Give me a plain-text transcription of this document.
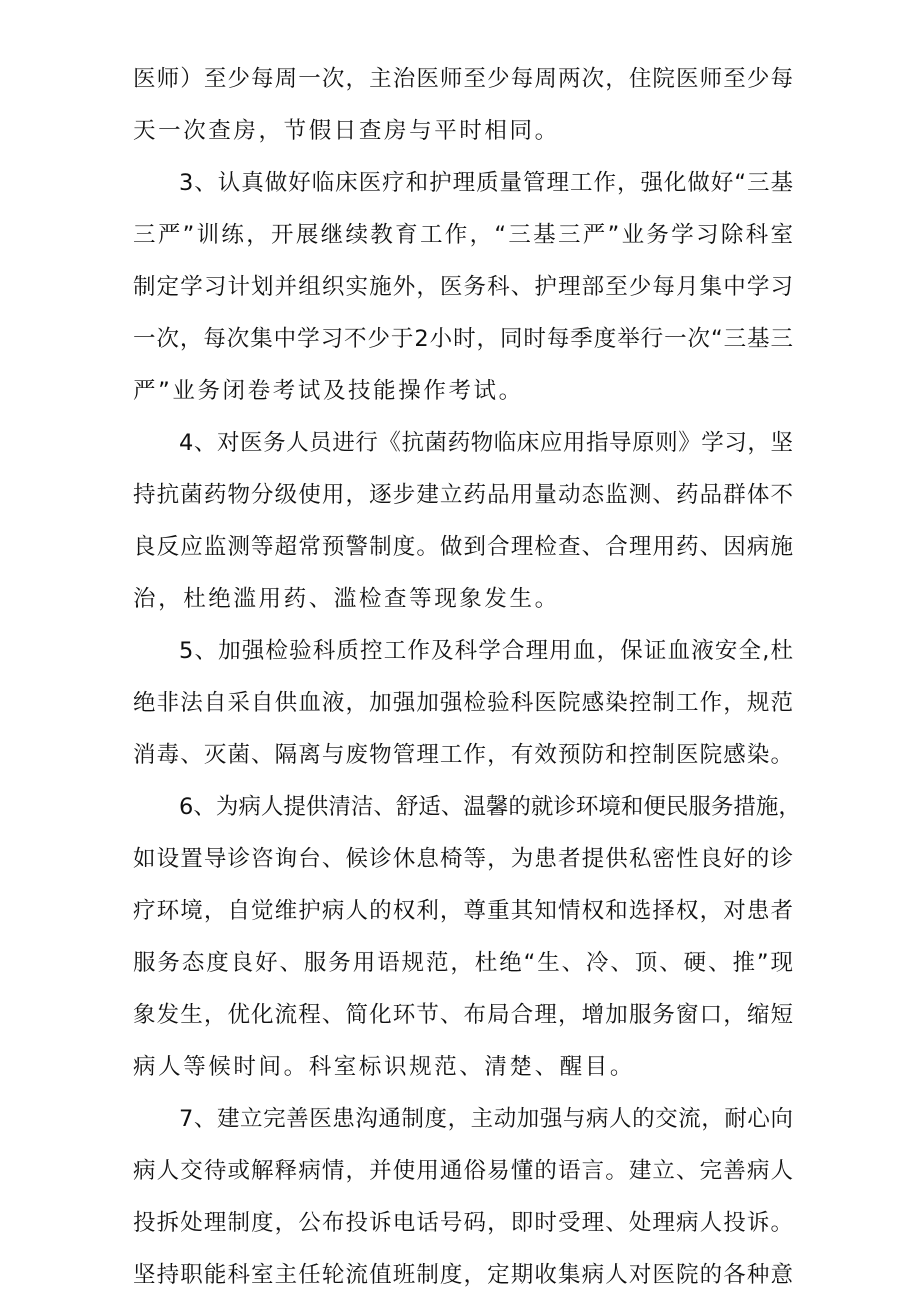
医师）至少每周一次，主治医师至少每周两次，住院医师至少每
天一次查房，节假日查房与平时相同。
3、认真做好临床医疗和护理质量管理工作，强化做好“三基
三严”训练，开展继续教育工作，“三基三严”业务学习除科室
制定学习计划并组织实施外，医务科、护理部至少每月集中学习
一次，每次集中学习不少于2小时，同时每季度举行一次“三基三
严”业务闭卷考试及技能操作考试。
4、对医务人员进行《抗菌药物临床应用指导原则》学习，坚
持抗菌药物分级使用，逐步建立药品用量动态监测、药品群体不
良反应监测等超常预警制度。做到合理检查、合理用药、因病施
治，杜绝滥用药、滥检查等现象发生。
5、加强检验科质控工作及科学合理用血，保证血液安全,杜
绝非法自采自供血液，加强加强检验科医院感染控制工作，规范
消毒、灭菌、隔离与废物管理工作，有效预防和控制医院感染。
6、为病人提供清洁、舒适、温馨的就诊环境和便民服务措施，
如设置导诊咨询台、候诊休息椅等，为患者提供私密性良好的诊
疗环境，自觉维护病人的权利，尊重其知情权和选择权，对患者
服务态度良好、服务用语规范，杜绝“生、冷、顶、硬、推”现
象发生，优化流程、简化环节、布局合理，增加服务窗口，缩短
病人等候时间。科室标识规范、清楚、醒目。
7、建立完善医患沟通制度，主动加强与病人的交流，耐心向
病人交待或解释病情，并使用通俗易懂的语言。建立、完善病人
投拆处理制度，公布投诉电话号码，即时受理、处理病人投诉。
坚持职能科室主任轮流值班制度，定期收集病人对医院的各种意
